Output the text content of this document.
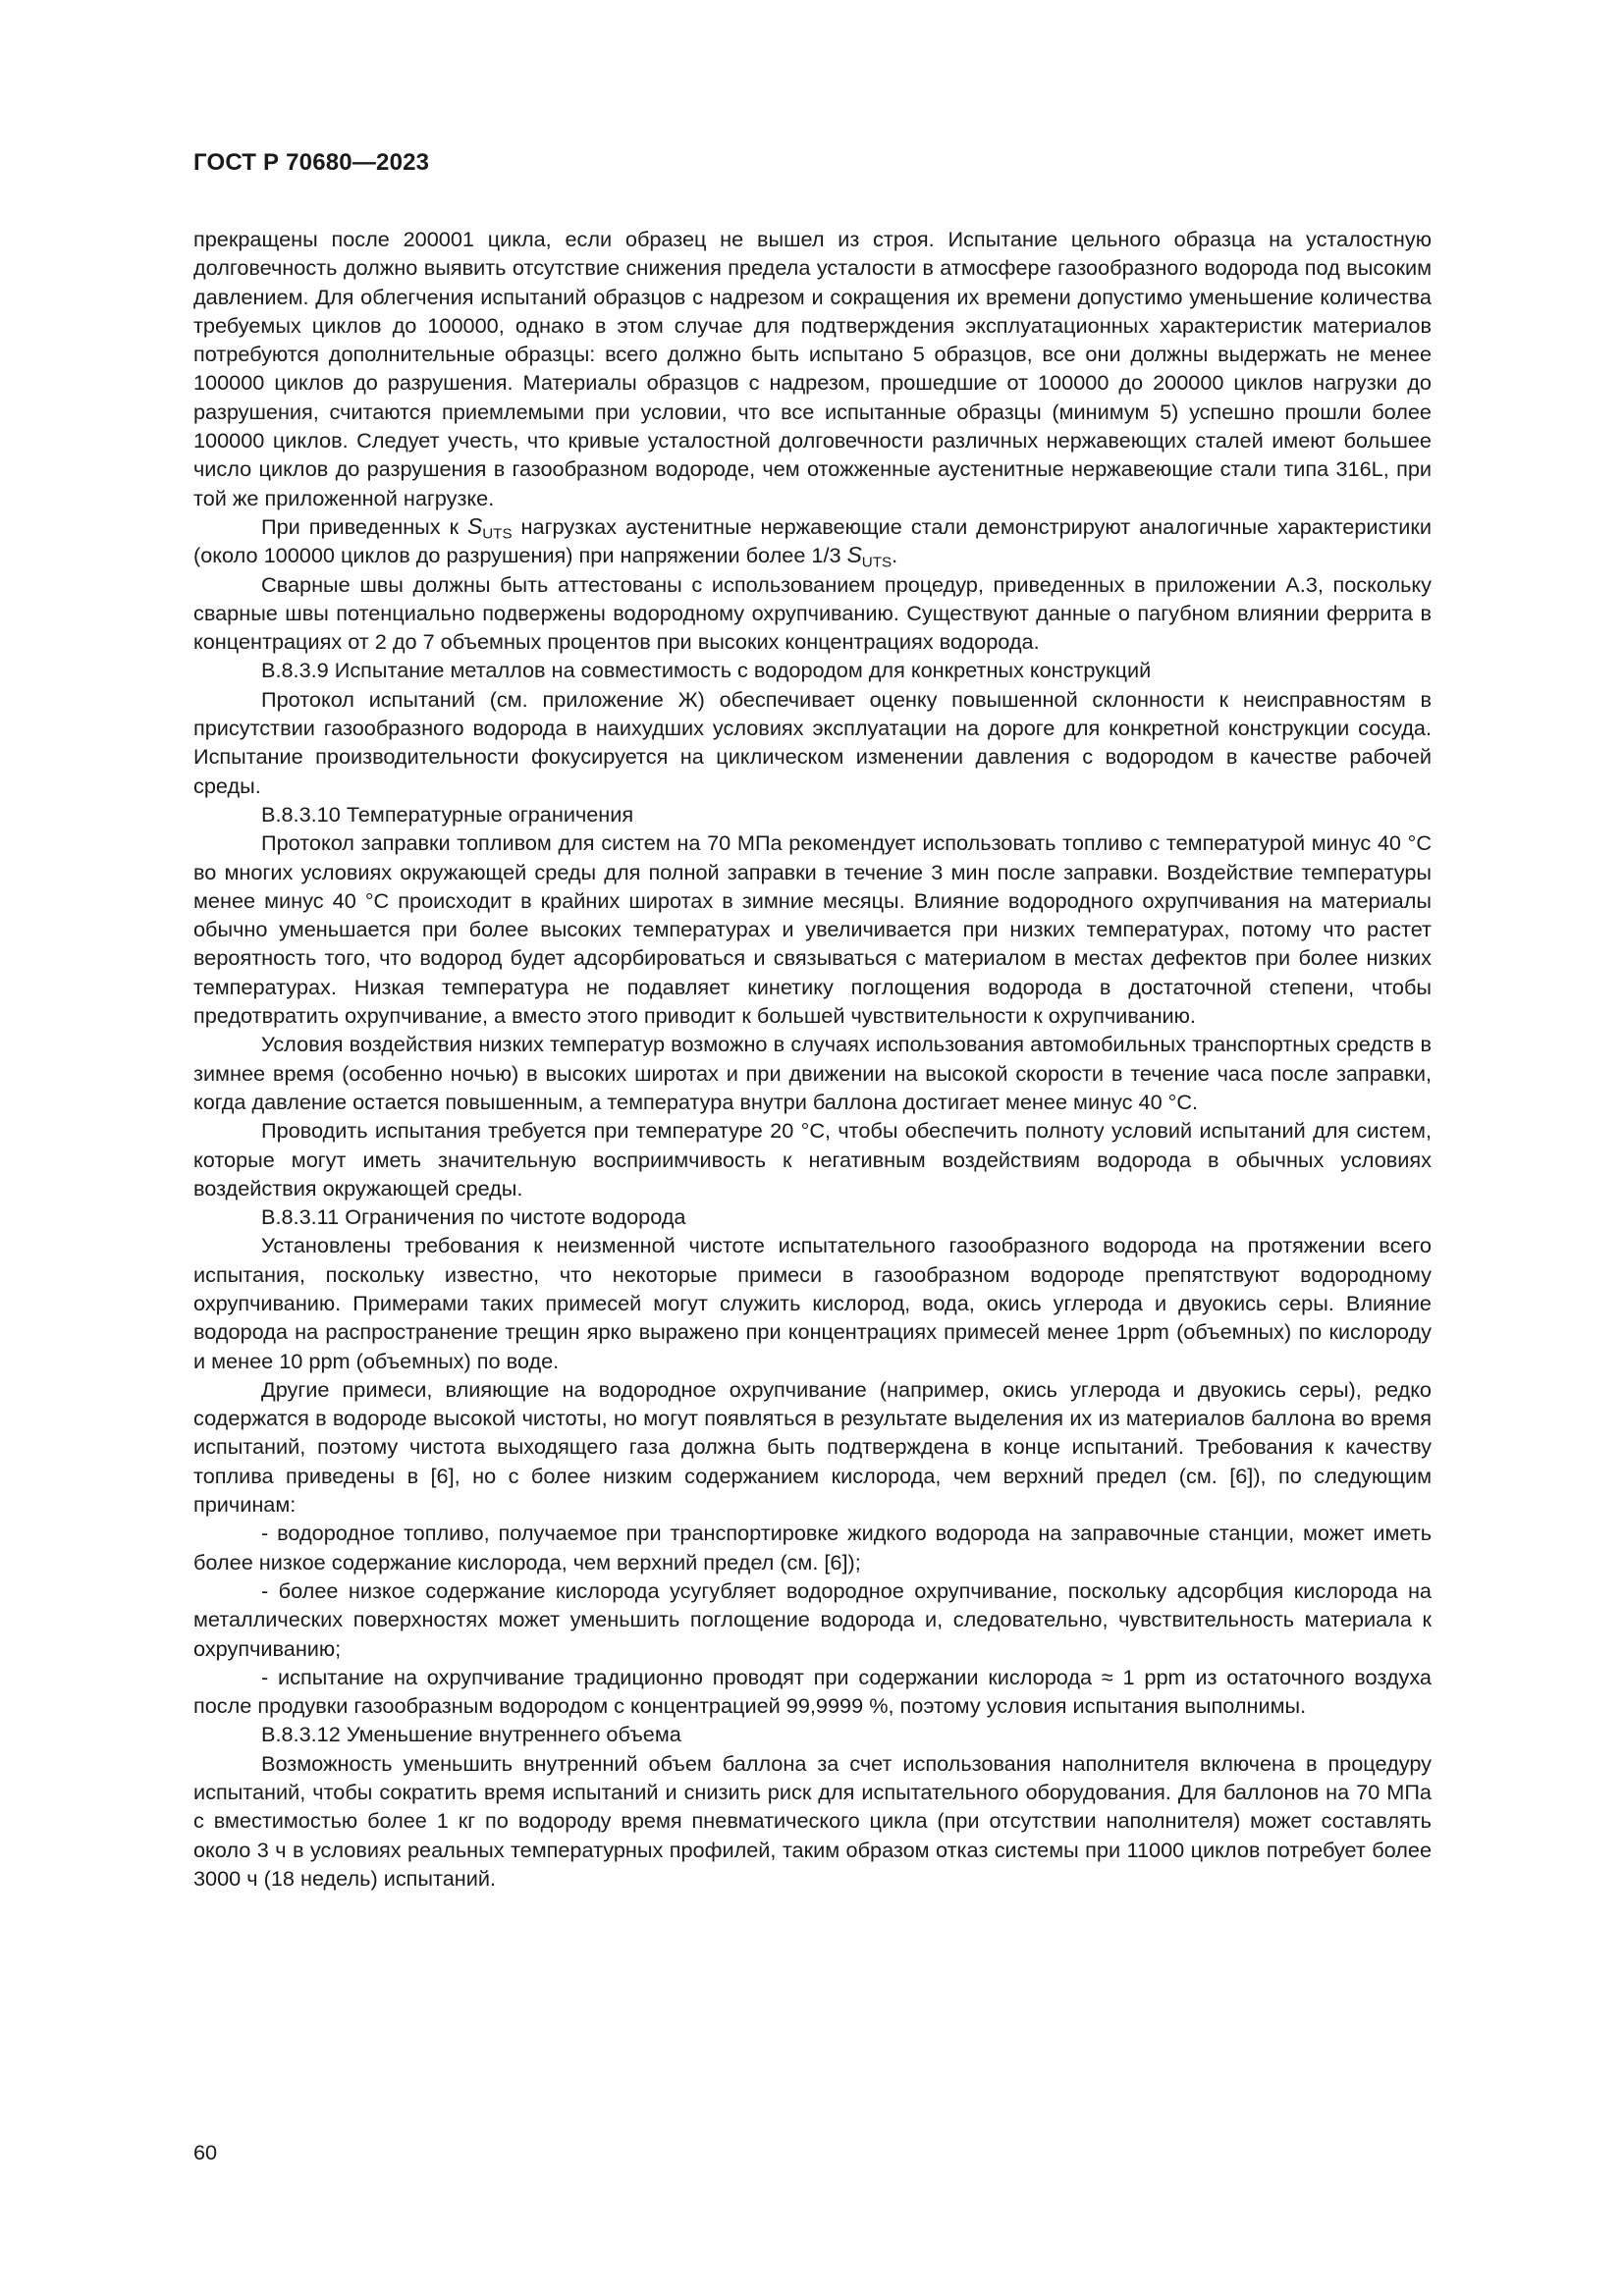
ГОСТ Р 70680—2023

прекращены после 200001 цикла, если образец не вышел из строя. Испытание цельного образца на усталостную долговечность должно выявить отсутствие снижения предела усталости в атмосфере газообразного водорода под высоким давлением. Для облегчения испытаний образцов с надрезом и сокращения их времени допустимо уменьшение количества требуемых циклов до 100000, однако в этом случае для подтверждения эксплуатационных характеристик материалов потребуются дополнительные образцы: всего должно быть испытано 5 образцов, все они должны выдержать не менее 100000 циклов до разрушения. Материалы образцов с надрезом, прошедшие от 100000 до 200000 циклов нагрузки до разрушения, считаются приемлемыми при условии, что все испытанные образцы (минимум 5) успешно прошли более 100000 циклов. Следует учесть, что кривые усталостной долговечности различных нержавеющих сталей имеют большее число циклов до разрушения в газообразном водороде, чем отожженные аустенитные нержавеющие стали типа 316L, при той же приложенной нагрузке.

При приведенных к $S_{UTS}$ нагрузках аустенитные нержавеющие стали демонстрируют аналогичные характеристики (около 100000 циклов до разрушения) при напряжении более 1/3 $S_{UTS}$.

Сварные швы должны быть аттестованы с использованием процедур, приведенных в приложении А.3, поскольку сварные швы потенциально подвержены водородному охрупчиванию. Существуют данные о пагубном влиянии феррита в концентрациях от 2 до 7 объемных процентов при высоких концентрациях водорода.

В.8.3.9 Испытание металлов на совместимость с водородом для конкретных конструкций

Протокол испытаний (см. приложение Ж) обеспечивает оценку повышенной склонности к неисправностям в присутствии газообразного водорода в наихудших условиях эксплуатации на дороге для конкретной конструкции сосуда. Испытание производительности фокусируется на циклическом изменении давления с водородом в качестве рабочей среды.

В.8.3.10 Температурные ограничения

Протокол заправки топливом для систем на 70 МПа рекомендует использовать топливо с температурой минус 40 °С во многих условиях окружающей среды для полной заправки в течение 3 мин после заправки. Воздействие температуры менее минус 40 °С происходит в крайних широтах в зимние месяцы. Влияние водородного охрупчивания на материалы обычно уменьшается при более высоких температурах и увеличивается при низких температурах, потому что растет вероятность того, что водород будет адсорбироваться и связываться с материалом в местах дефектов при более низких температурах. Низкая температура не подавляет кинетику поглощения водорода в достаточной степени, чтобы предотвратить охрупчивание, а вместо этого приводит к большей чувствительности к охрупчиванию.

Условия воздействия низких температур возможно в случаях использования автомобильных транспортных средств в зимнее время (особенно ночью) в высоких широтах и при движении на высокой скорости в течение часа после заправки, когда давление остается повышенным, а температура внутри баллона достигает менее минус 40 °С.

Проводить испытания требуется при температуре 20 °С, чтобы обеспечить полноту условий испытаний для систем, которые могут иметь значительную восприимчивость к негативным воздействиям водорода в обычных условиях воздействия окружающей среды.

В.8.3.11 Ограничения по чистоте водорода

Установлены требования к неизменной чистоте испытательного газообразного водорода на протяжении всего испытания, поскольку известно, что некоторые примеси в газообразном водороде препятствуют водородному охрупчиванию. Примерами таких примесей могут служить кислород, вода, окись углерода и двуокись серы. Влияние водорода на распространение трещин ярко выражено при концентрациях примесей менее 1ppm (объемных) по кислороду и менее 10 ppm (объемных) по воде.

Другие примеси, влияющие на водородное охрупчивание (например, окись углерода и двуокись серы), редко содержатся в водороде высокой чистоты, но могут появляться в результате выделения их из материалов баллона во время испытаний, поэтому чистота выходящего газа должна быть подтверждена в конце испытаний. Требования к качеству топлива приведены в [6], но с более низким содержанием кислорода, чем верхний предел (см. [6]), по следующим причинам:

- водородное топливо, получаемое при транспортировке жидкого водорода на заправочные станции, может иметь более низкое содержание кислорода, чем верхний предел (см. [6]);

- более низкое содержание кислорода усугубляет водородное охрупчивание, поскольку адсорбция кислорода на металлических поверхностях может уменьшить поглощение водорода и, следовательно, чувствительность материала к охрупчиванию;

- испытание на охрупчивание традиционно проводят при содержании кислорода ≈ 1 ppm из остаточного воздуха после продувки газообразным водородом с концентрацией 99,9999 %, поэтому условия испытания выполнимы.

В.8.3.12 Уменьшение внутреннего объема

Возможность уменьшить внутренний объем баллона за счет использования наполнителя включена в процедуру испытаний, чтобы сократить время испытаний и снизить риск для испытательного оборудования. Для баллонов на 70 МПа с вместимостью более 1 кг по водороду время пневматического цикла (при отсутствии наполнителя) может составлять около 3 ч в условиях реальных температурных профилей, таким образом отказ системы при 11000 циклов потребует более 3000 ч (18 недель) испытаний.

60
